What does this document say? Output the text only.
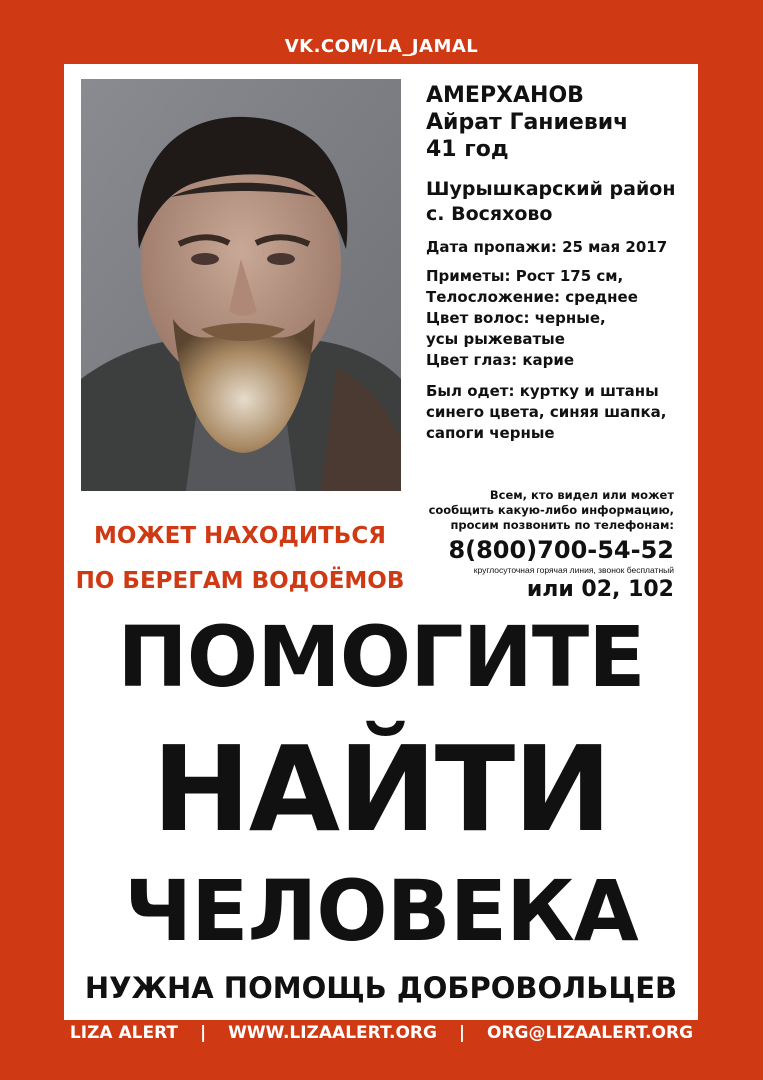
VK.COM/LA_JAMAL
АМЕРХАНОВ
Айрат Ганиевич
41 год
Шурышкарский район
с. Восяхово
Дата пропажи: 25 мая 2017
Приметы: Рост 175 см,
Телосложение: среднее
Цвет волос: черные,
усы рыжеватые
Цвет глаз: карие
Был одет: куртку и штаны
синего цвета, синяя шапка,
сапоги черные
Всем, кто видел или может
сообщить какую-либо информацию,
просим позвонить по телефонам:
8(800)700-54-52
круглосуточная горячая линия, звонок бесплатный
или 02, 102
МОЖЕТ НАХОДИТЬСЯ
ПО БЕРЕГАМ ВОДОЁМОВ
ПОМОГИТЕ
НАЙТИ
ЧЕЛОВЕКА
НУЖНА ПОМОЩЬ ДОБРОВОЛЬЦЕВ
LIZA ALERT | WWW.LIZAALERT.ORG | ORG@LIZAALERT.ORG
